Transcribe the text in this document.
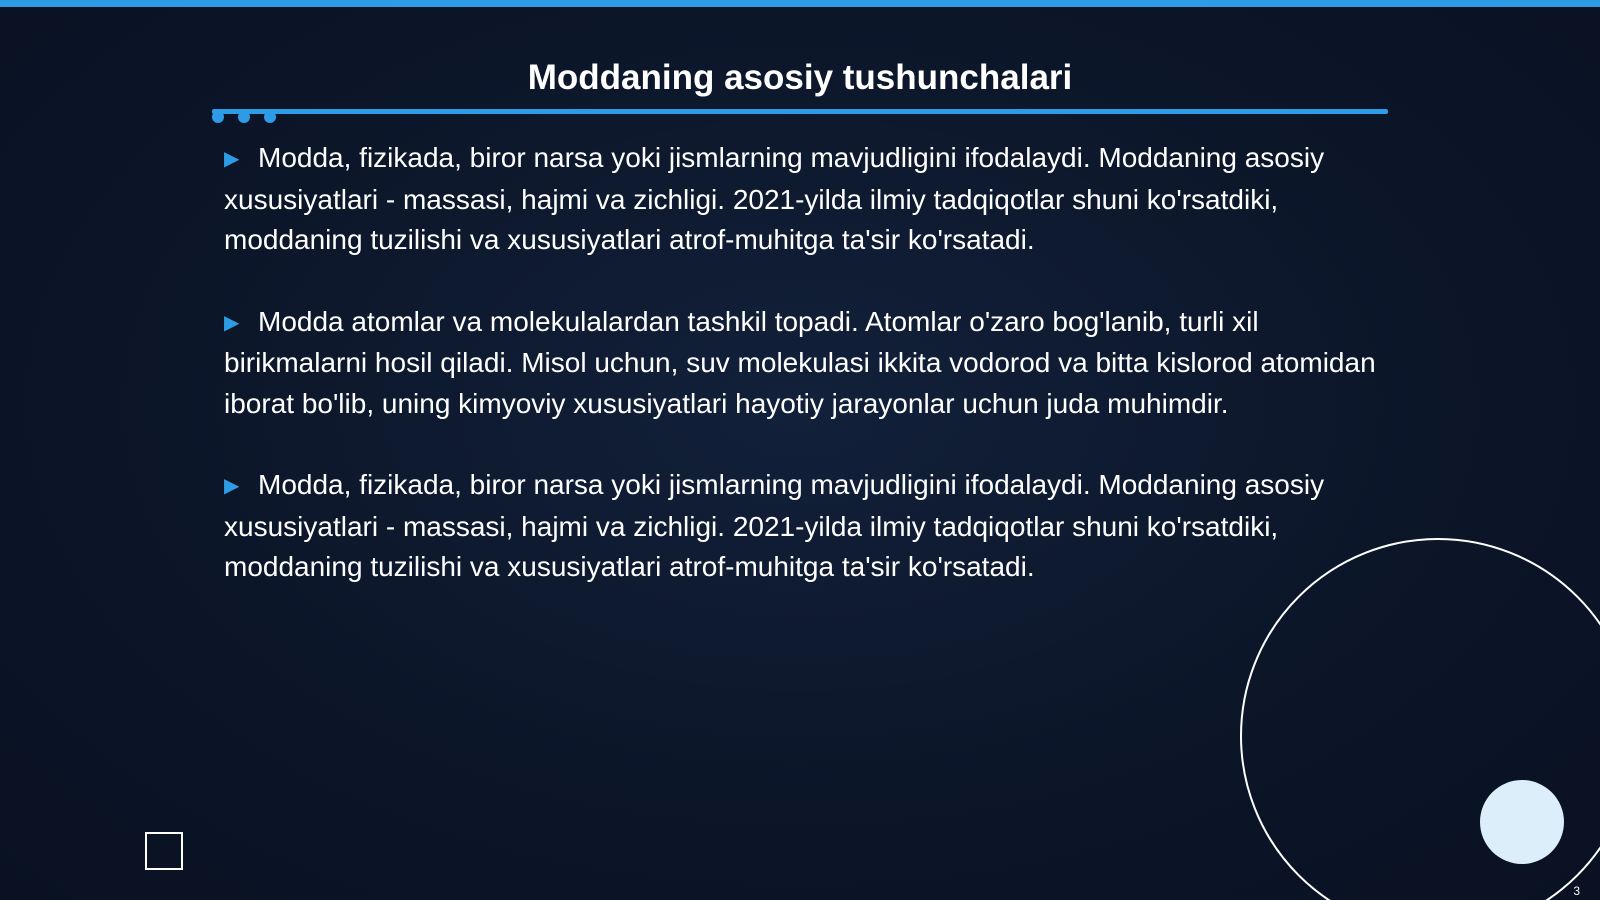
Moddaning asosiy tushunchalari

▶ Modda, fizikada, biror narsa yoki jismlarning mavjudligini ifodalaydi. Moddaning asosiy xususiyatlari - massasi, hajmi va zichligi. 2021-yilda ilmiy tadqiqotlar shuni ko'rsatdiki, moddaning tuzilishi va xususiyatlari atrof-muhitga ta'sir ko'rsatadi.

▶ Modda atomlar va molekulalardan tashkil topadi. Atomlar o'zaro bog'lanib, turli xil birikmalarni hosil qiladi. Misol uchun, suv molekulasi ikkita vodorod va bitta kislorod atomidan iborat bo'lib, uning kimyoviy xususiyatlari hayotiy jarayonlar uchun juda muhimdir.

▶ Modda, fizikada, biror narsa yoki jismlarning mavjudligini ifodalaydi. Moddaning asosiy xususiyatlari - massasi, hajmi va zichligi. 2021-yilda ilmiy tadqiqotlar shuni ko'rsatdiki, moddaning tuzilishi va xususiyatlari atrof-muhitga ta'sir ko'rsatadi.

3
